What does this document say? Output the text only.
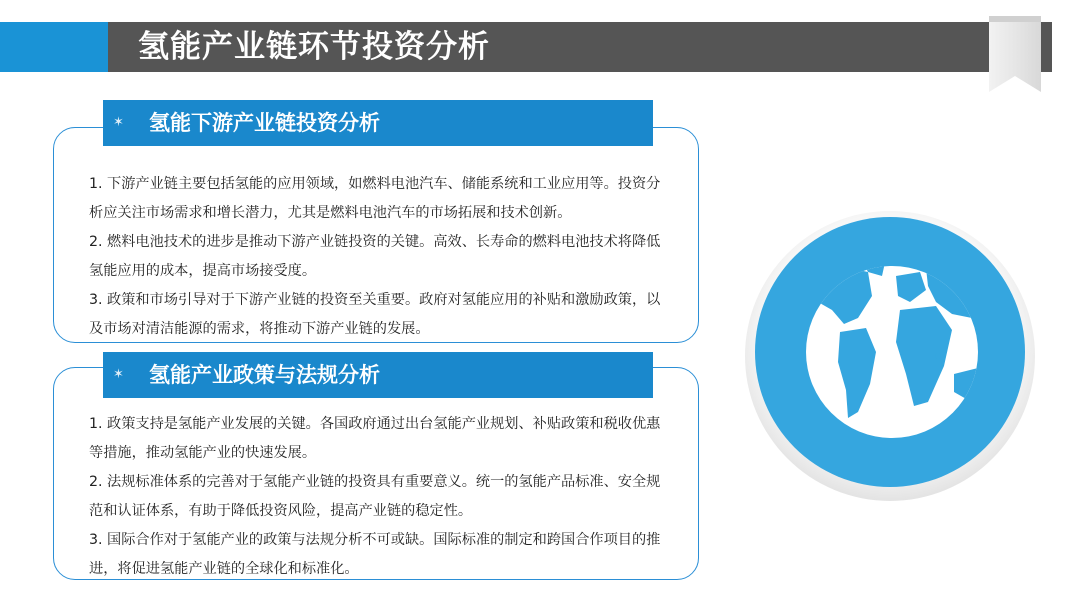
氢能产业链环节投资分析

1. 下游产业链主要包括氢能的应用领域，如燃料电池汽车、储能系统和工业应用等。投资分析应关注市场需求和增长潜力，尤其是燃料电池汽车的市场拓展和技术创新。

2. 燃料电池技术的进步是推动下游产业链投资的关键。高效、长寿命的燃料电池技术将降低氢能应用的成本，提高市场接受度。

3. 政策和市场引导对于下游产业链的投资至关重要。政府对氢能应用的补贴和激励政策，以及市场对清洁能源的需求，将推动下游产业链的发展。

1. 政策支持是氢能产业发展的关键。各国政府通过出台氢能产业规划、补贴政策和税收优惠等措施，推动氢能产业的快速发展。

2. 法规标准体系的完善对于氢能产业链的投资具有重要意义。统一的氢能产品标准、安全规范和认证体系，有助于降低投资风险，提高产业链的稳定性。

3. 国际合作对于氢能产业的政策与法规分析不可或缺。国际标准的制定和跨国合作项目的推进，将促进氢能产业链的全球化和标准化。

✶ 氢能下游产业链投资分析
✶ 氢能产业政策与法规分析
